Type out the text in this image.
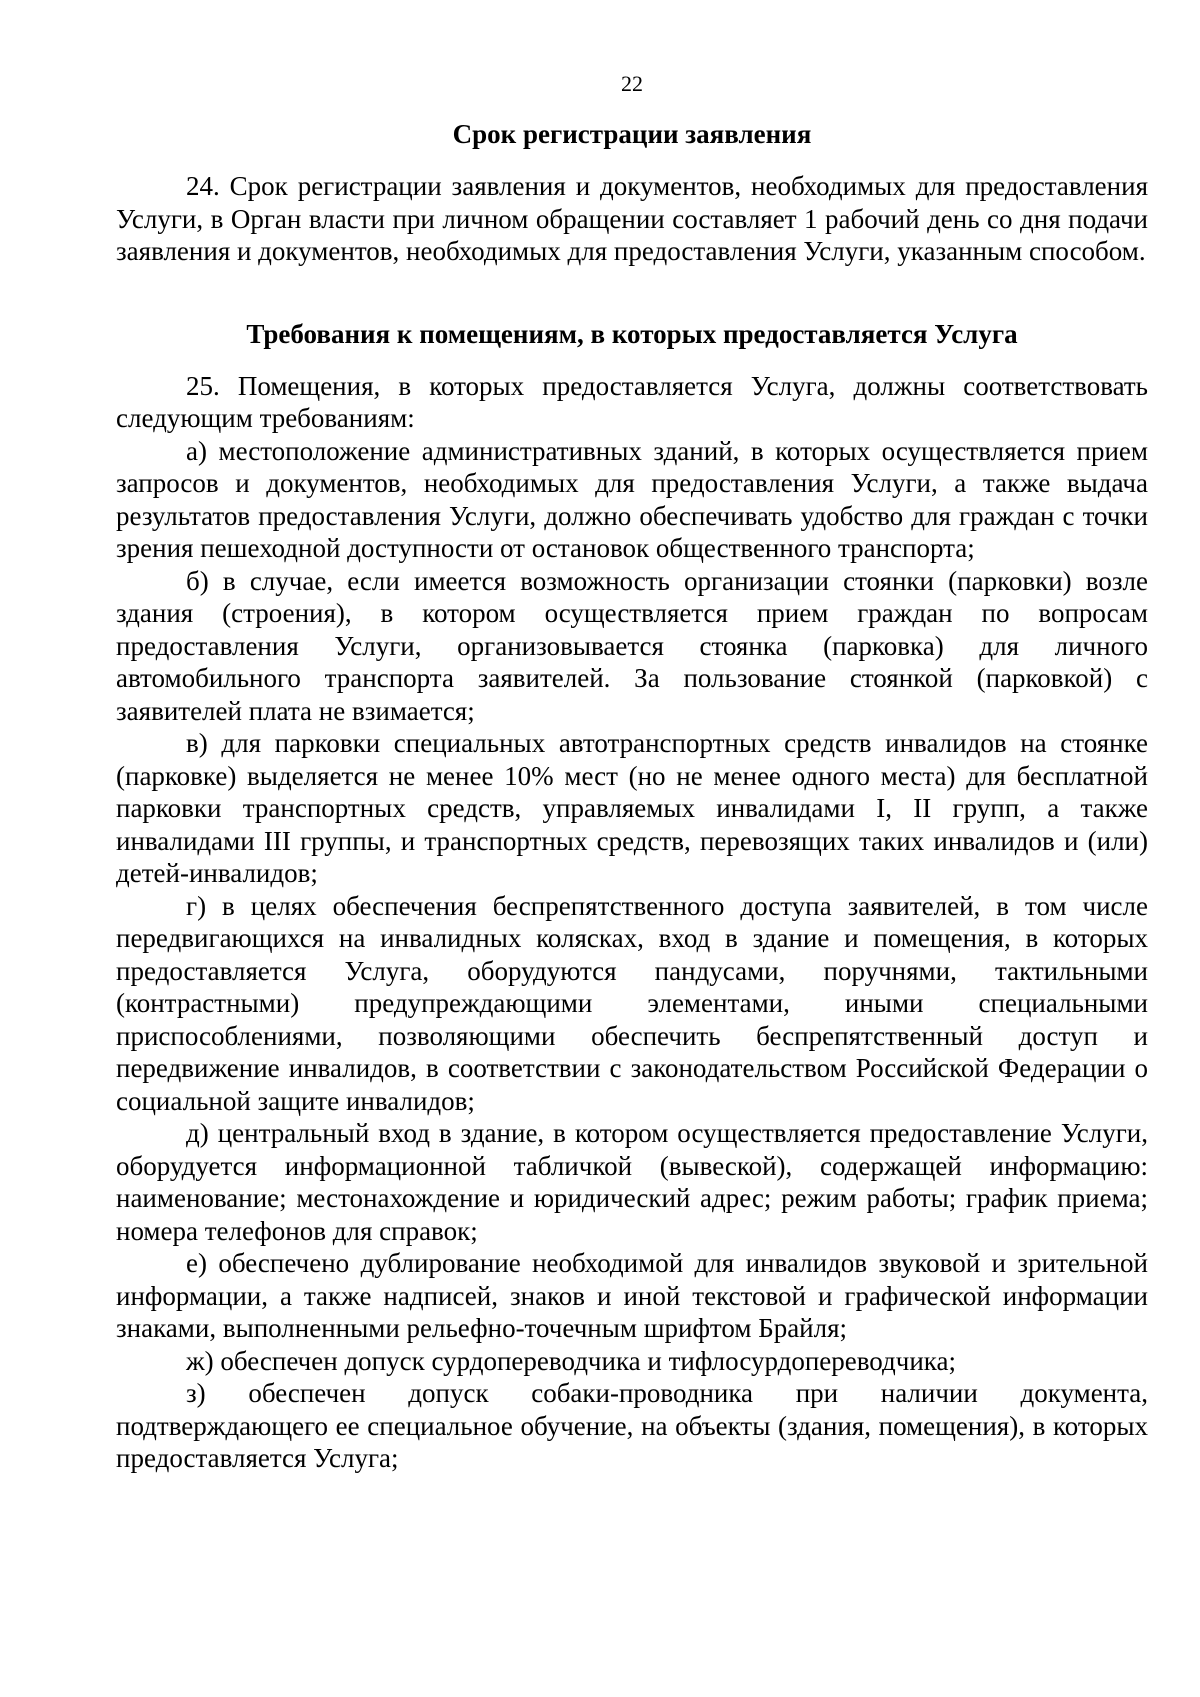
22
Срок регистрации заявления

24. Срок регистрации заявления и документов, необходимых для предоставления Услуги, в Орган власти при личном обращении составляет 1 рабочий день со дня подачи заявления и документов, необходимых для предоставления Услуги, указанным способом.

Требования к помещениям, в которых предоставляется Услуга

25. Помещения, в которых предоставляется Услуга, должны соответствовать следующим требованиям:

а) местоположение административных зданий, в которых осуществляется прием запросов и документов, необходимых для предоставления Услуги, а также выдача результатов предоставления Услуги, должно обеспечивать удобство для граждан с точки зрения пешеходной доступности от остановок общественного транспорта;

б) в случае, если имеется возможность организации стоянки (парковки) возле здания (строения), в котором осуществляется прием граждан по вопросам предоставления Услуги, организовывается стоянка (парковка) для личного автомобильного транспорта заявителей. За пользование стоянкой (парковкой) с заявителей плата не взимается;

в) для парковки специальных автотранспортных средств инвалидов на стоянке (парковке) выделяется не менее 10% мест (но не менее одного места) для бесплатной парковки транспортных средств, управляемых инвалидами I, II групп, а также инвалидами III группы, и транспортных средств, перевозящих таких инвалидов и (или) детей-инвалидов;

г) в целях обеспечения беспрепятственного доступа заявителей, в том числе передвигающихся на инвалидных колясках, вход в здание и помещения, в которых предоставляется Услуга, оборудуются пандусами, поручнями, тактильными (контрастными) предупреждающими элементами, иными специальными приспособлениями, позволяющими обеспечить беспрепятственный доступ и передвижение инвалидов, в соответствии с законодательством Российской Федерации о социальной защите инвалидов;

д) центральный вход в здание, в котором осуществляется предоставление Услуги, оборудуется информационной табличкой (вывеской), содержащей информацию: наименование; местонахождение и юридический адрес; режим работы; график приема; номера телефонов для справок;

е) обеспечено дублирование необходимой для инвалидов звуковой и зрительной информации, а также надписей, знаков и иной текстовой и графической информации знаками, выполненными рельефно-точечным шрифтом Брайля;

ж) обеспечен допуск сурдопереводчика и тифлосурдопереводчика;

з) обеспечен допуск собаки-проводника при наличии документа, подтверждающего ее специальное обучение, на объекты (здания, помещения), в которых предоставляется Услуга;
